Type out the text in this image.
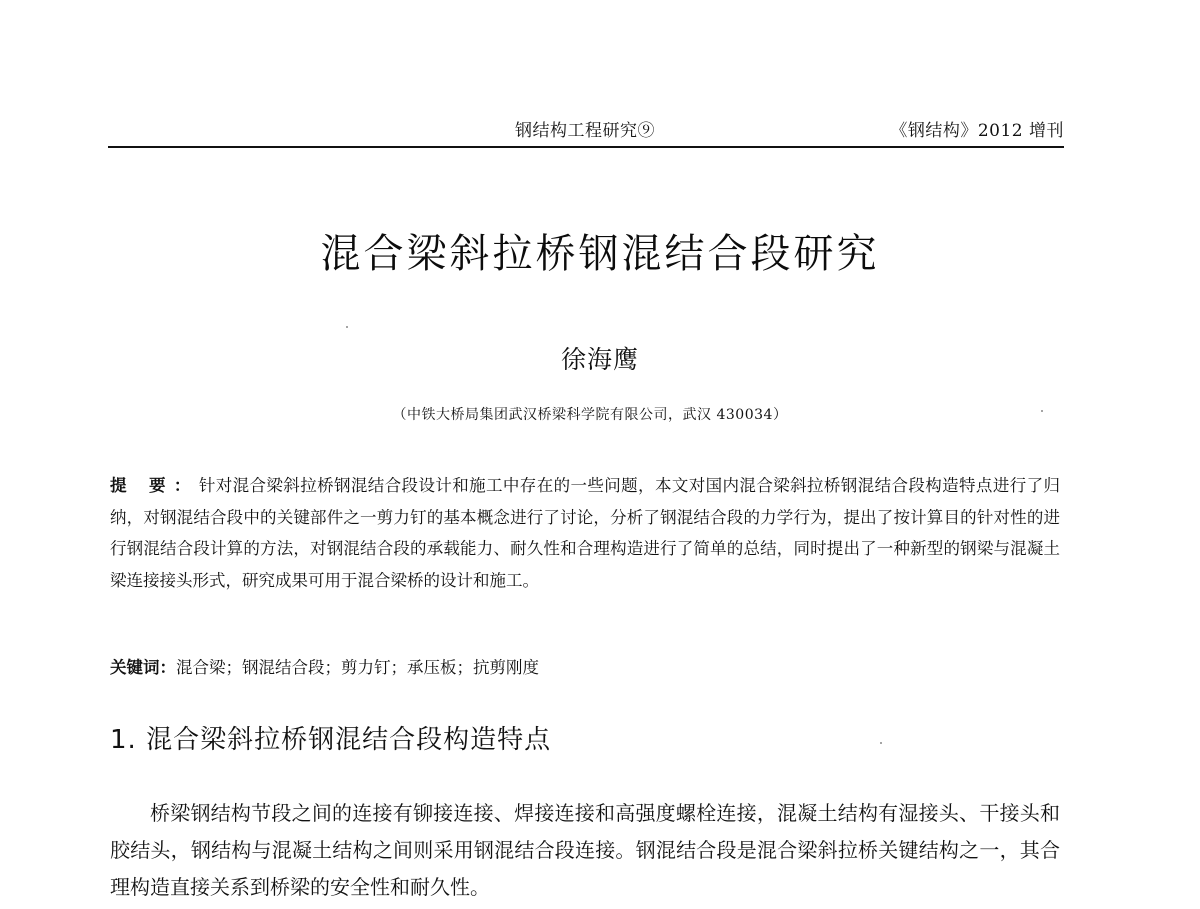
钢结构工程研究⑨	《钢结构》2012 增刊
混合梁斜拉桥钢混结合段研究
徐海鹰
（中铁大桥局集团武汉桥梁科学院有限公司，武汉 430034）

提 要：针对混合梁斜拉桥钢混结合段设计和施工中存在的一些问题，本文对国内混合梁斜拉桥钢混结合段构造特点进行了归纳，对钢混结合段中的关键部件之一剪力钉的基本概念进行了讨论，分析了钢混结合段的力学行为，提出了按计算目的针对性的进行钢混结合段计算的方法，对钢混结合段的承载能力、耐久性和合理构造进行了简单的总结，同时提出了一种新型的钢梁与混凝土梁连接接头形式，研究成果可用于混合梁桥的设计和施工。

关键词：混合梁；钢混结合段；剪力钉；承压板；抗剪刚度
1. 混合梁斜拉桥钢混结合段构造特点

桥梁钢结构节段之间的连接有铆接连接、焊接连接和高强度螺栓连接，混凝土结构有湿接头、干接头和胶结头，钢结构与混凝土结构之间则采用钢混结合段连接。钢混结合段是混合梁斜拉桥关键结构之一，其合理构造直接关系到桥梁的安全性和耐久性。
